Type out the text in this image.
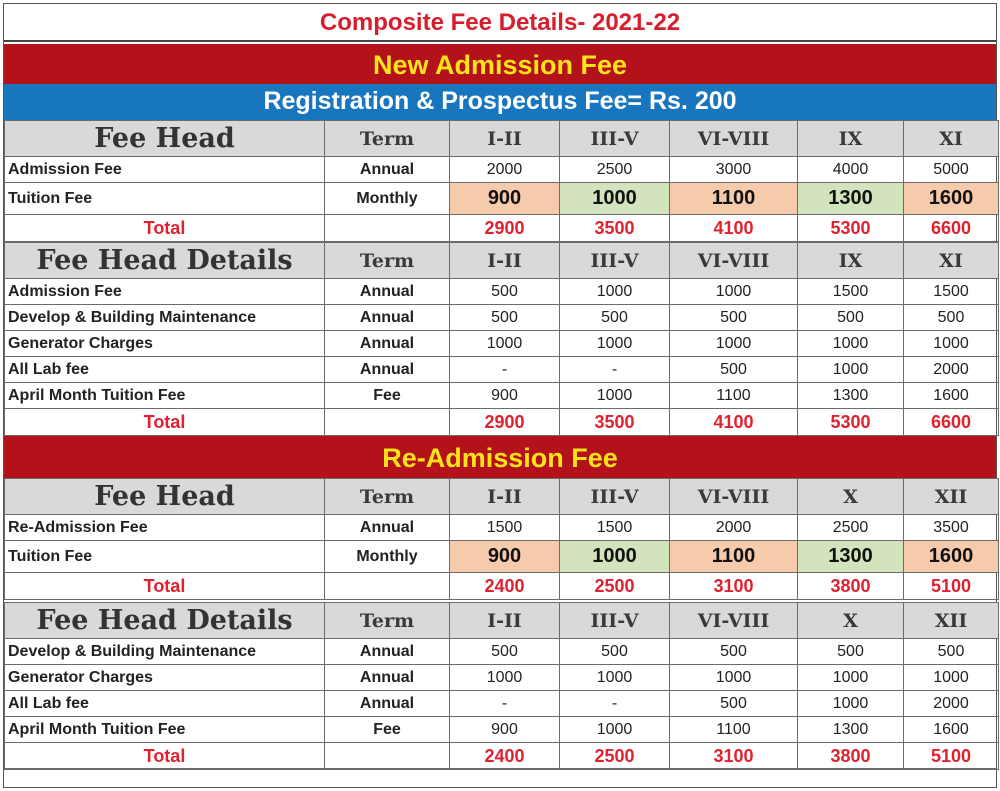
Composite Fee Details- 2021-22
New Admission Fee
Registration & Prospectus Fee= Rs. 200
Fee Head	Term	I-II	III-V	VI-VIII	IX	XI
Admission Fee	Annual	2000	2500	3000	4000	5000
Tuition Fee	Monthly	900	1000	1100	1300	1600
Total		2900	3500	4100	5300	6600
Fee Head Details	Term	I-II	III-V	VI-VIII	IX	XI
Admission Fee	Annual	500	1000	1000	1500	1500
Develop & Building Maintenance	Annual	500	500	500	500	500
Generator Charges	Annual	1000	1000	1000	1000	1000
All Lab fee	Annual	-	-	500	1000	2000
April Month Tuition Fee	Fee	900	1000	1100	1300	1600
Total		2900	3500	4100	5300	6600
Re-Admission Fee
Fee Head	Term	I-II	III-V	VI-VIII	X	XII
Re-Admission Fee	Annual	1500	1500	2000	2500	3500
Tuition Fee	Monthly	900	1000	1100	1300	1600
Total		2400	2500	3100	3800	5100
Fee Head Details	Term	I-II	III-V	VI-VIII	X	XII
Develop & Building Maintenance	Annual	500	500	500	500	500
Generator Charges	Annual	1000	1000	1000	1000	1000
All Lab fee	Annual	-	-	500	1000	2000
April Month Tuition Fee	Fee	900	1000	1100	1300	1600
Total		2400	2500	3100	3800	5100
